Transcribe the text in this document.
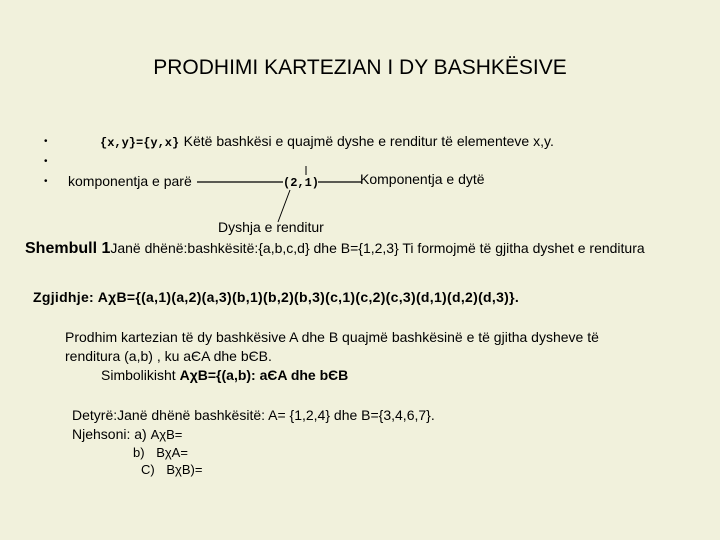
PRODHIMI KARTEZIAN I DY BASHKËSIVE
•
•
•
{x,y}={y,x} Këtë bashkësi e quajmë dyshe e renditur të elementeve x,y.
komponentja e parë	(2,1)	Komponentja e dytë
Dyshja e renditur
Shembull 1Janë dhënë:bashkësitë:{a,b,c,d} dhe B={1,2,3} Ti formojmë të gjitha dyshet e renditura
Zgjidhje: AχB={(a,1)(a,2)(a,3)(b,1)(b,2)(b,3)(c,1)(c,2)(c,3)(d,1)(d,2)(d,3)}.
Prodhim kartezian të dy bashkësive A dhe B quajmë bashkësinë e të gjitha dysheve të
renditura (a,b) , ku aЄA dhe bЄB.
Simbolikisht AχB={(a,b): aЄA dhe bЄB
Detyrë:Janë dhënë bashkësitë: A= {1,2,4} dhe B={3,4,6,7}.
Njehsoni: a) AχB=
b) BχA=
C) BχB)=
